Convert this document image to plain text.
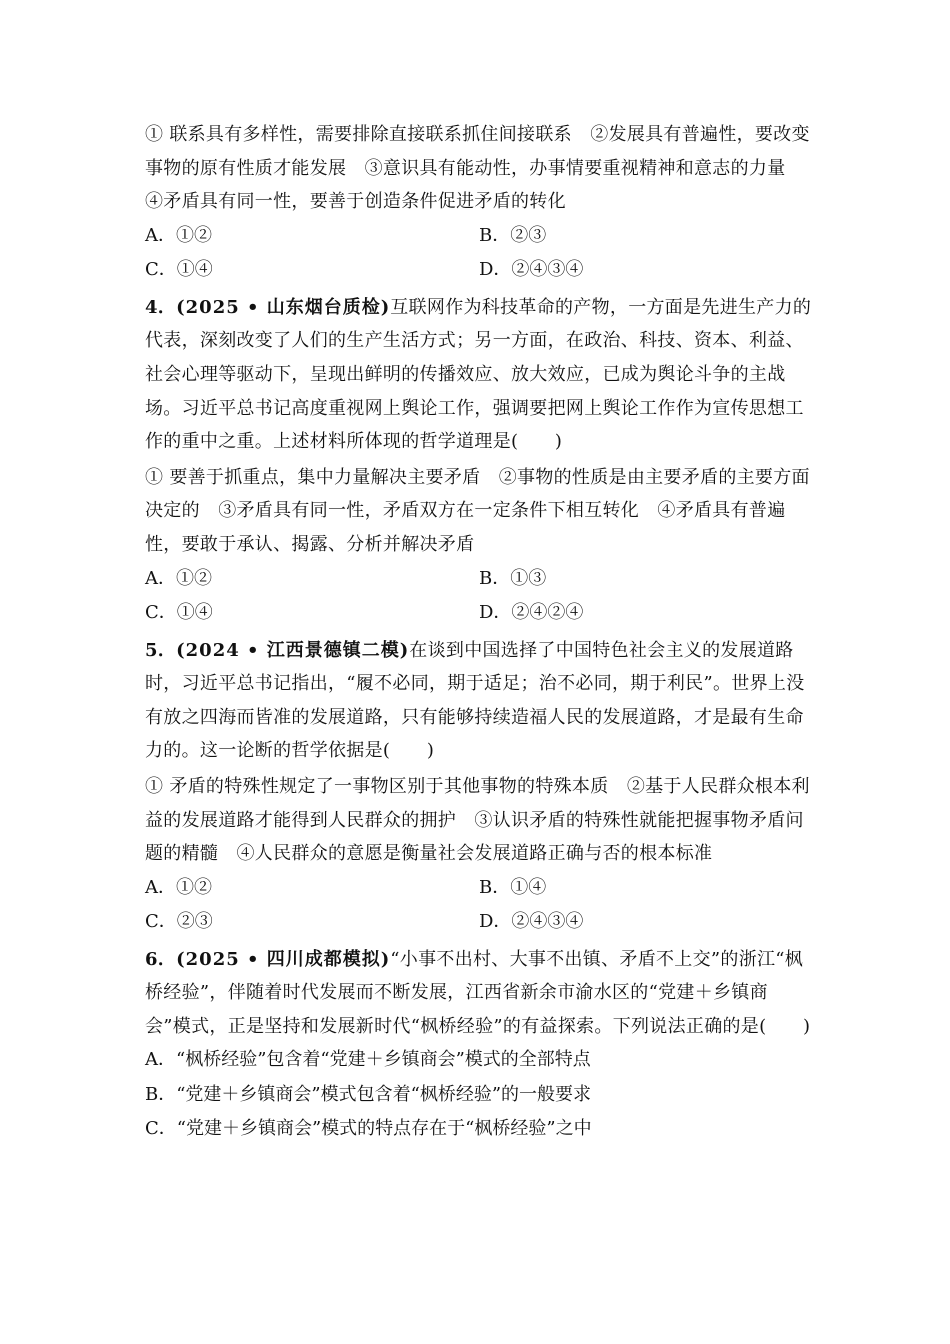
① 联系具有多样性，需要排除直接联系抓住间接联系　②发展具有普遍性，要改变事物的原有性质才能发展　③意识具有能动性，办事情要重视精神和意志的力量　④矛盾具有同一性，要善于创造条件促进矛盾的转化

A．①②	B．②③
C．①④	D．②④③④

4．(2025 • 山东烟台质检)互联网作为科技革命的产物，一方面是先进生产力的代表，深刻改变了人们的生产生活方式；另一方面，在政治、科技、资本、利益、社会心理等驱动下，呈现出鲜明的传播效应、放大效应，已成为舆论斗争的主战场。习近平总书记高度重视网上舆论工作，强调要把网上舆论工作作为宣传思想工作的重中之重。上述材料所体现的哲学道理是(　　)

① 要善于抓重点，集中力量解决主要矛盾　②事物的性质是由主要矛盾的主要方面决定的　③矛盾具有同一性，矛盾双方在一定条件下相互转化　④矛盾具有普遍性，要敢于承认、揭露、分析并解决矛盾

A．①②	B．①③
C．①④	D．②④②④

5．(2024 • 江西景德镇二模)在谈到中国选择了中国特色社会主义的发展道路时，习近平总书记指出，“履不必同，期于适足；治不必同，期于利民”。世界上没有放之四海而皆准的发展道路，只有能够持续造福人民的发展道路，才是最有生命力的。这一论断的哲学依据是(　　)

① 矛盾的特殊性规定了一事物区别于其他事物的特殊本质　②基于人民群众根本利益的发展道路才能得到人民群众的拥护　③认识矛盾的特殊性就能把握事物矛盾问题的精髓　④人民群众的意愿是衡量社会发展道路正确与否的根本标准

A．①②	B．①④
C．②③	D．②④③④

6．(2025 • 四川成都模拟)“小事不出村、大事不出镇、矛盾不上交”的浙江“枫桥经验”，伴随着时代发展而不断发展，江西省新余市渝水区的“党建＋乡镇商会”模式，正是坚持和发展新时代“枫桥经验”的有益探索。下列说法正确的是(　　)

A．“枫桥经验”包含着“党建＋乡镇商会”模式的全部特点
B．“党建＋乡镇商会”模式包含着“枫桥经验”的一般要求
C．“党建＋乡镇商会”模式的特点存在于“枫桥经验”之中
